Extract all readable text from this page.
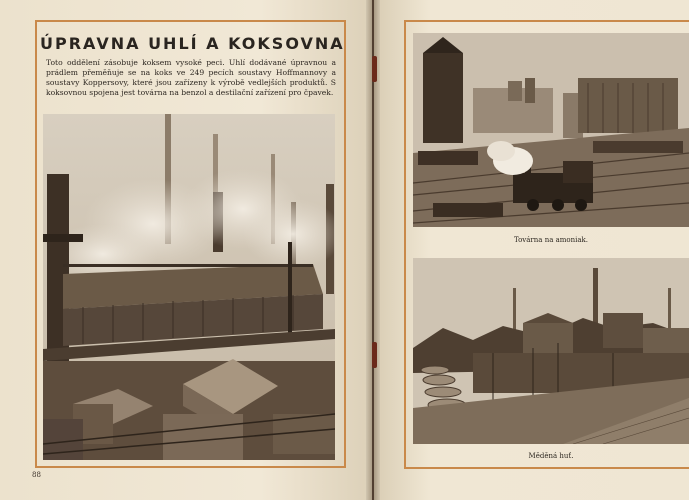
ÚPRAVNA UHLÍ A KOKSOVNA

Toto oddělení zásobuje koksem vysoké peci. Uhlí dodávané úpravnou a prádlem přeměňuje se na koks ve 249 pecích soustavy Hoffmannovy a soustavy Koppersovy, které jsou zařízeny k výrobě vedlejších produktů. S koksovnou spojena jest továrna na benzol a destilační zařízení pro čpavek.

Továrna na amoniak.

Měděná huť.

88
